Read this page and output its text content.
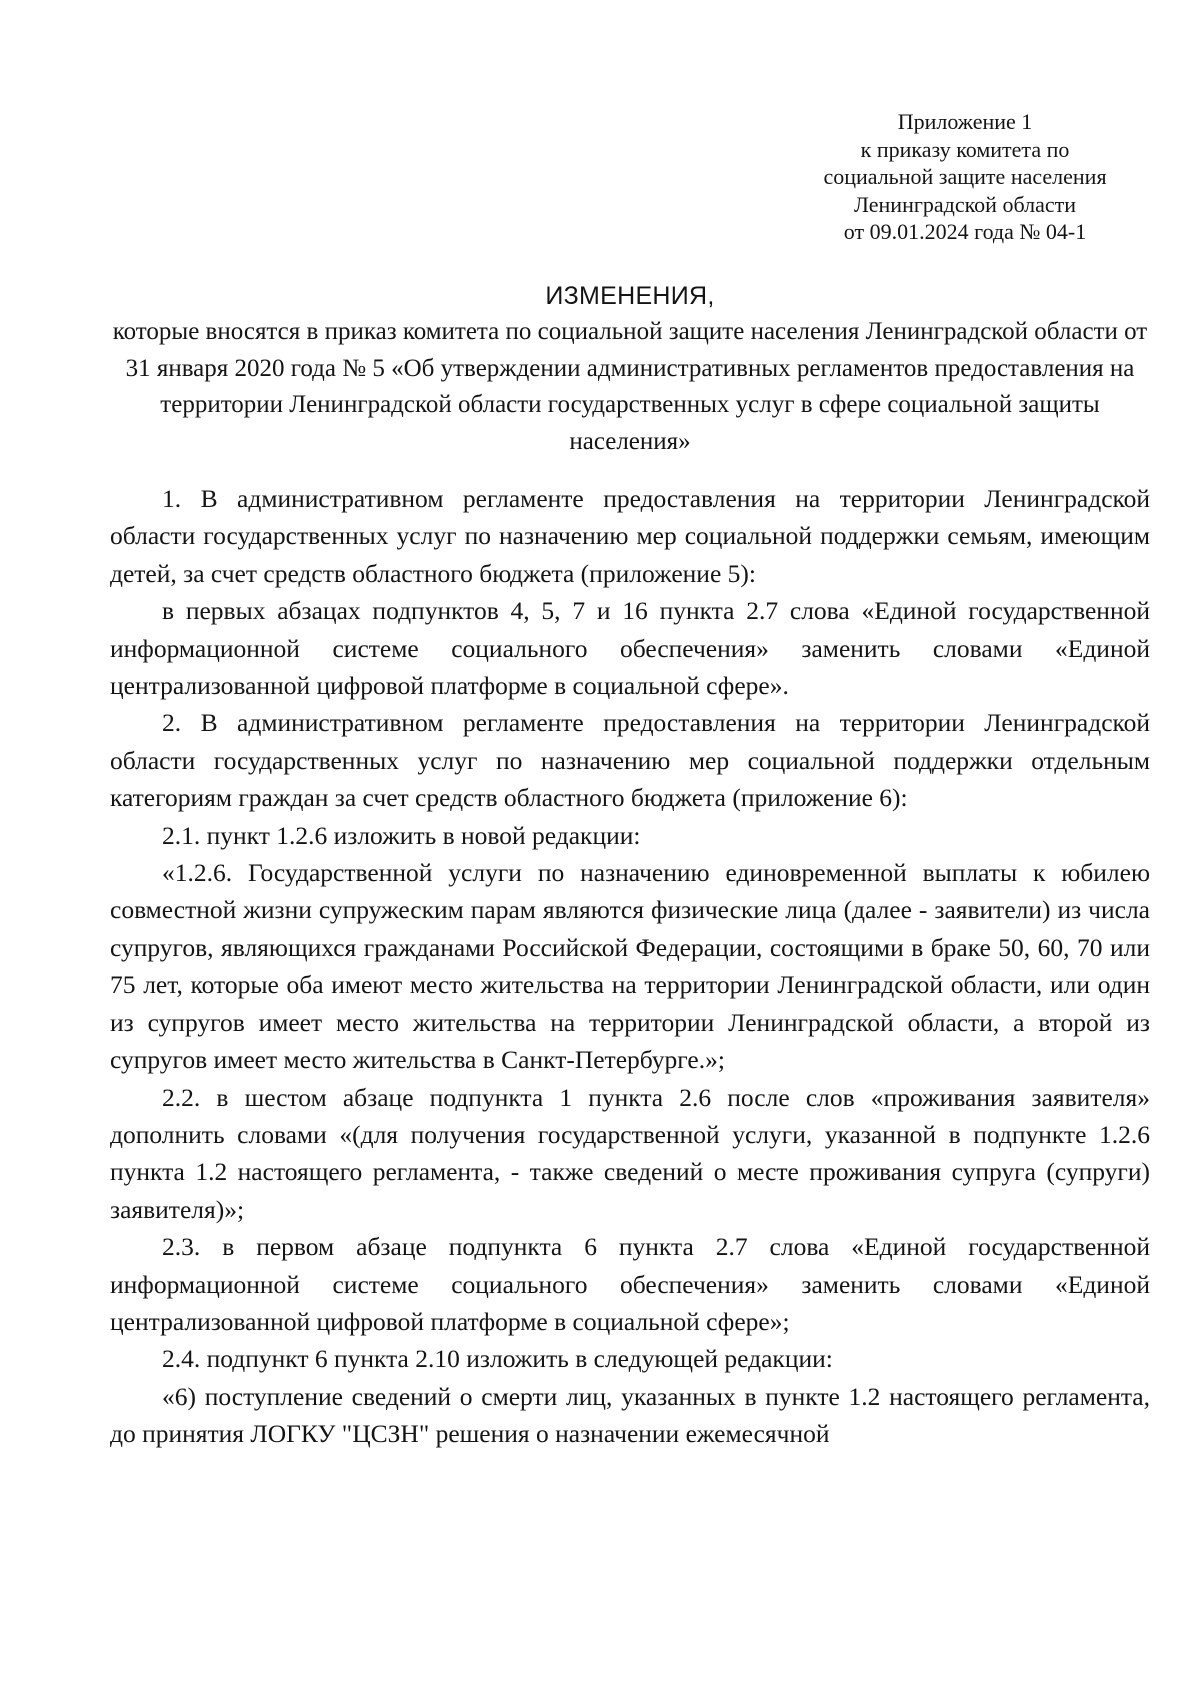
Приложение 1
к приказу комитета по
социальной защите населения
Ленинградской области
от 09.01.2024 года № 04-1
ИЗМЕНЕНИЯ,
которые вносятся в приказ комитета по социальной защите населения Ленинградской области от 31 января 2020 года № 5 «Об утверждении административных регламентов предоставления на территории Ленинградской области государственных услуг в сфере социальной защиты населения»

1. В административном регламенте предоставления на территории Ленинградской области государственных услуг по назначению мер социальной поддержки семьям, имеющим детей, за счет средств областного бюджета (приложение 5):

в первых абзацах подпунктов 4, 5, 7 и 16 пункта 2.7 слова «Единой государственной информационной системе социального обеспечения» заменить словами «Единой централизованной цифровой платформе в социальной сфере».

2. В административном регламенте предоставления на территории Ленинградской области государственных услуг по назначению мер социальной поддержки отдельным категориям граждан за счет средств областного бюджета (приложение 6):

2.1. пункт 1.2.6 изложить в новой редакции:

«1.2.6. Государственной услуги по назначению единовременной выплаты к юбилею совместной жизни супружеским парам являются физические лица (далее - заявители) из числа супругов, являющихся гражданами Российской Федерации, состоящими в браке 50, 60, 70 или 75 лет, которые оба имеют место жительства на территории Ленинградской области, или один из супругов имеет место жительства на территории Ленинградской области, а второй из супругов имеет место жительства в Санкт-Петербурге.»;

2.2. в шестом абзаце подпункта 1 пункта 2.6 после слов «проживания заявителя» дополнить словами «(для получения государственной услуги, указанной в подпункте 1.2.6 пункта 1.2 настоящего регламента, - также сведений о месте проживания супруга (супруги) заявителя)»;

2.3. в первом абзаце подпункта 6 пункта 2.7 слова «Единой государственной информационной системе социального обеспечения» заменить словами «Единой централизованной цифровой платформе в социальной сфере»;

2.4. подпункт 6 пункта 2.10 изложить в следующей редакции:

«6) поступление сведений о смерти лиц, указанных в пункте 1.2 настоящего регламента, до принятия ЛОГКУ "ЦСЗН" решения о назначении ежемесячной
